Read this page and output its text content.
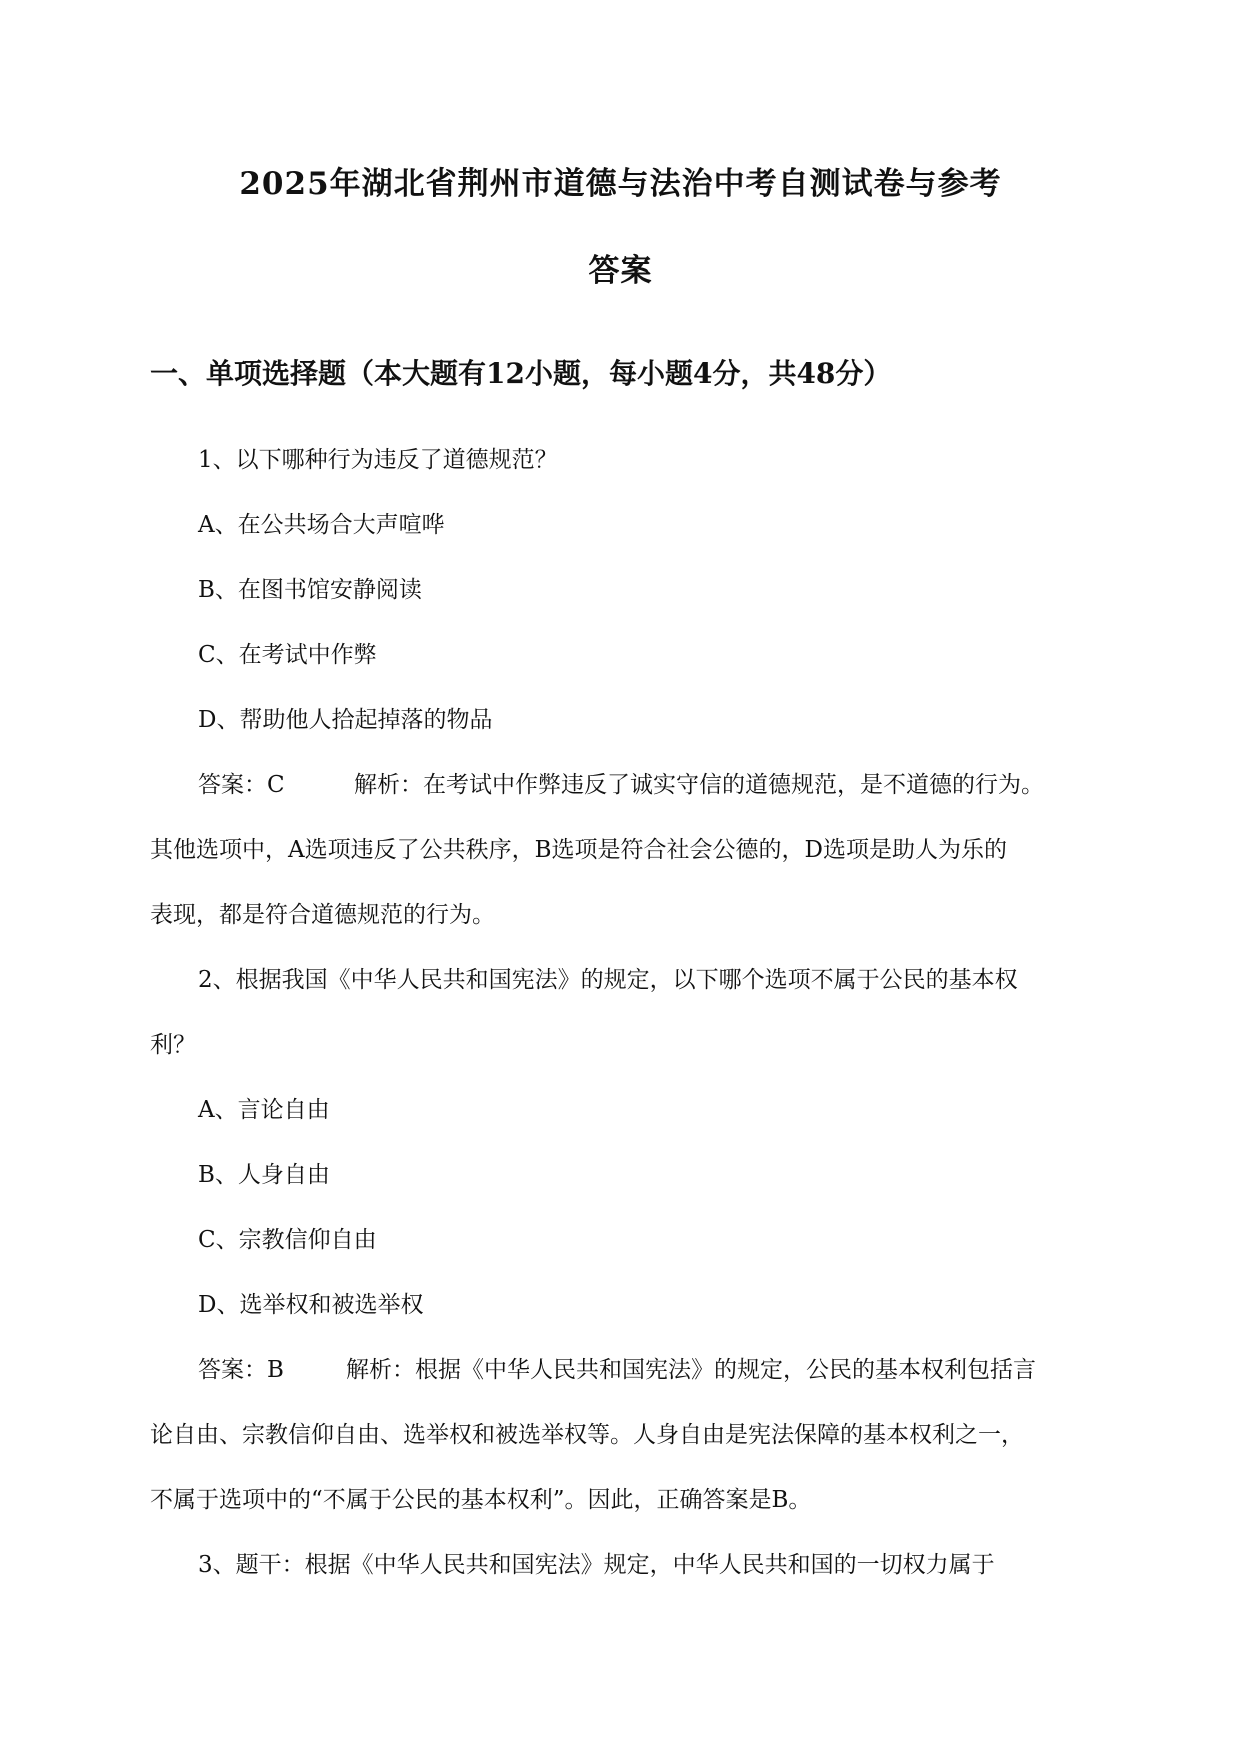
2025年湖北省荆州市道德与法治中考自测试卷与参考
答案
一、单项选择题（本大题有12小题，每小题4分，共48分）
1、以下哪种行为违反了道德规范？
A、在公共场合大声喧哗
B、在图书馆安静阅读
C、在考试中作弊
D、帮助他人拾起掉落的物品
答案：C	解析：在考试中作弊违反了诚实守信的道德规范，是不道德的行为。
其他选项中，A选项违反了公共秩序，B选项是符合社会公德的，D选项是助人为乐的
表现，都是符合道德规范的行为。
2、根据我国《中华人民共和国宪法》的规定，以下哪个选项不属于公民的基本权
利？
A、言论自由
B、人身自由
C、宗教信仰自由
D、选举权和被选举权
答案：B	解析：根据《中华人民共和国宪法》的规定，公民的基本权利包括言
论自由、宗教信仰自由、选举权和被选举权等。人身自由是宪法保障的基本权利之一，
不属于选项中的“不属于公民的基本权利”。因此，正确答案是B。
3、题干：根据《中华人民共和国宪法》规定，中华人民共和国的一切权力属于
